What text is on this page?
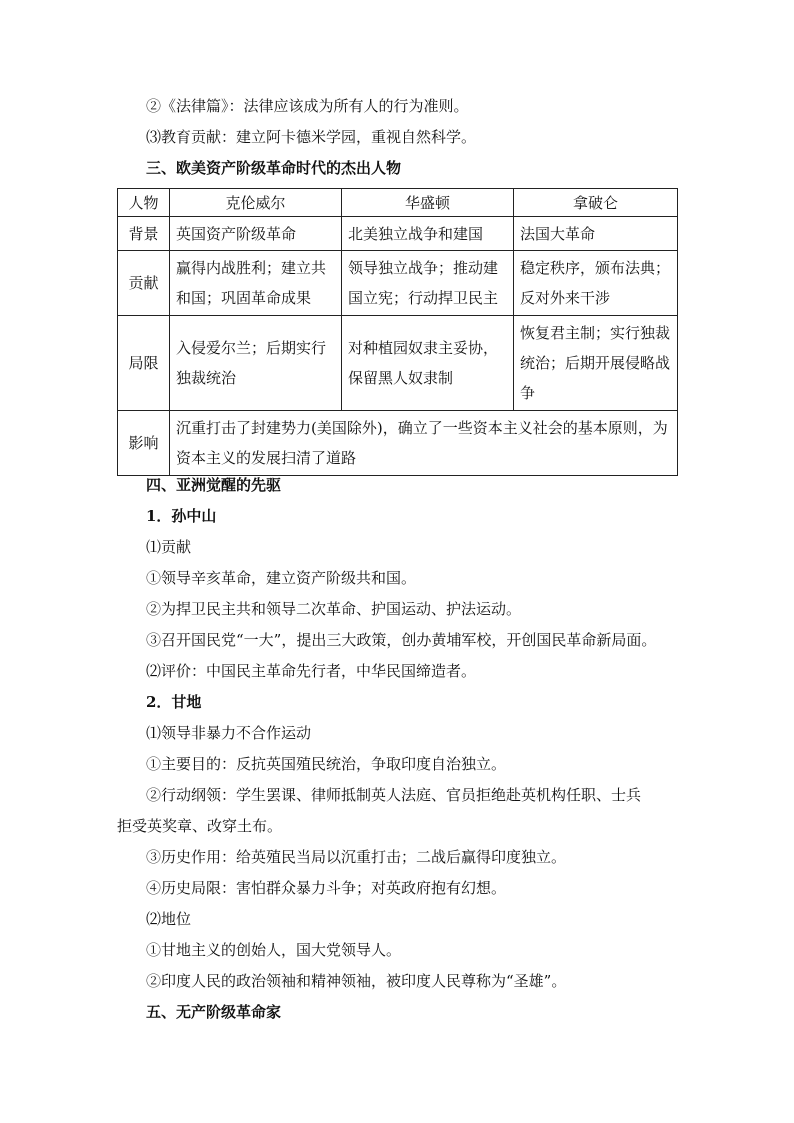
②《法律篇》：法律应该成为所有人的行为准则。
⑶教育贡献：建立阿卡德米学园，重视自然科学。
三、欧美资产阶级革命时代的杰出人物
人物	克伦威尔	华盛顿	拿破仑
背景	英国资产阶级革命	北美独立战争和建国	法国大革命
贡献	赢得内战胜利；建立共和国；巩固革命成果	领导独立战争；推动建国立宪；行动捍卫民主	稳定秩序，颁布法典；反对外来干涉
局限	入侵爱尔兰；后期实行独裁统治	对种植园奴隶主妥协，保留黑人奴隶制	恢复君主制；实行独裁统治；后期开展侵略战争
影响	沉重打击了封建势力(美国除外)，确立了一些资本主义社会的基本原则，为资本主义的发展扫清了道路		
四、亚洲觉醒的先驱
1．孙中山
⑴贡献
①领导辛亥革命，建立资产阶级共和国。
②为捍卫民主共和领导二次革命、护国运动、护法运动。
③召开国民党“一大”，提出三大政策，创办黄埔军校，开创国民革命新局面。
⑵评价：中国民主革命先行者，中华民国缔造者。
2．甘地
⑴领导非暴力不合作运动
①主要目的：反抗英国殖民统治，争取印度自治独立。
②行动纲领：学生罢课、律师抵制英人法庭、官员拒绝赴英机构任职、士兵
拒受英奖章、改穿土布。
③历史作用：给英殖民当局以沉重打击；二战后赢得印度独立。
④历史局限：害怕群众暴力斗争；对英政府抱有幻想。
⑵地位
①甘地主义的创始人，国大党领导人。
②印度人民的政治领袖和精神领袖，被印度人民尊称为“圣雄”。
五、无产阶级革命家
